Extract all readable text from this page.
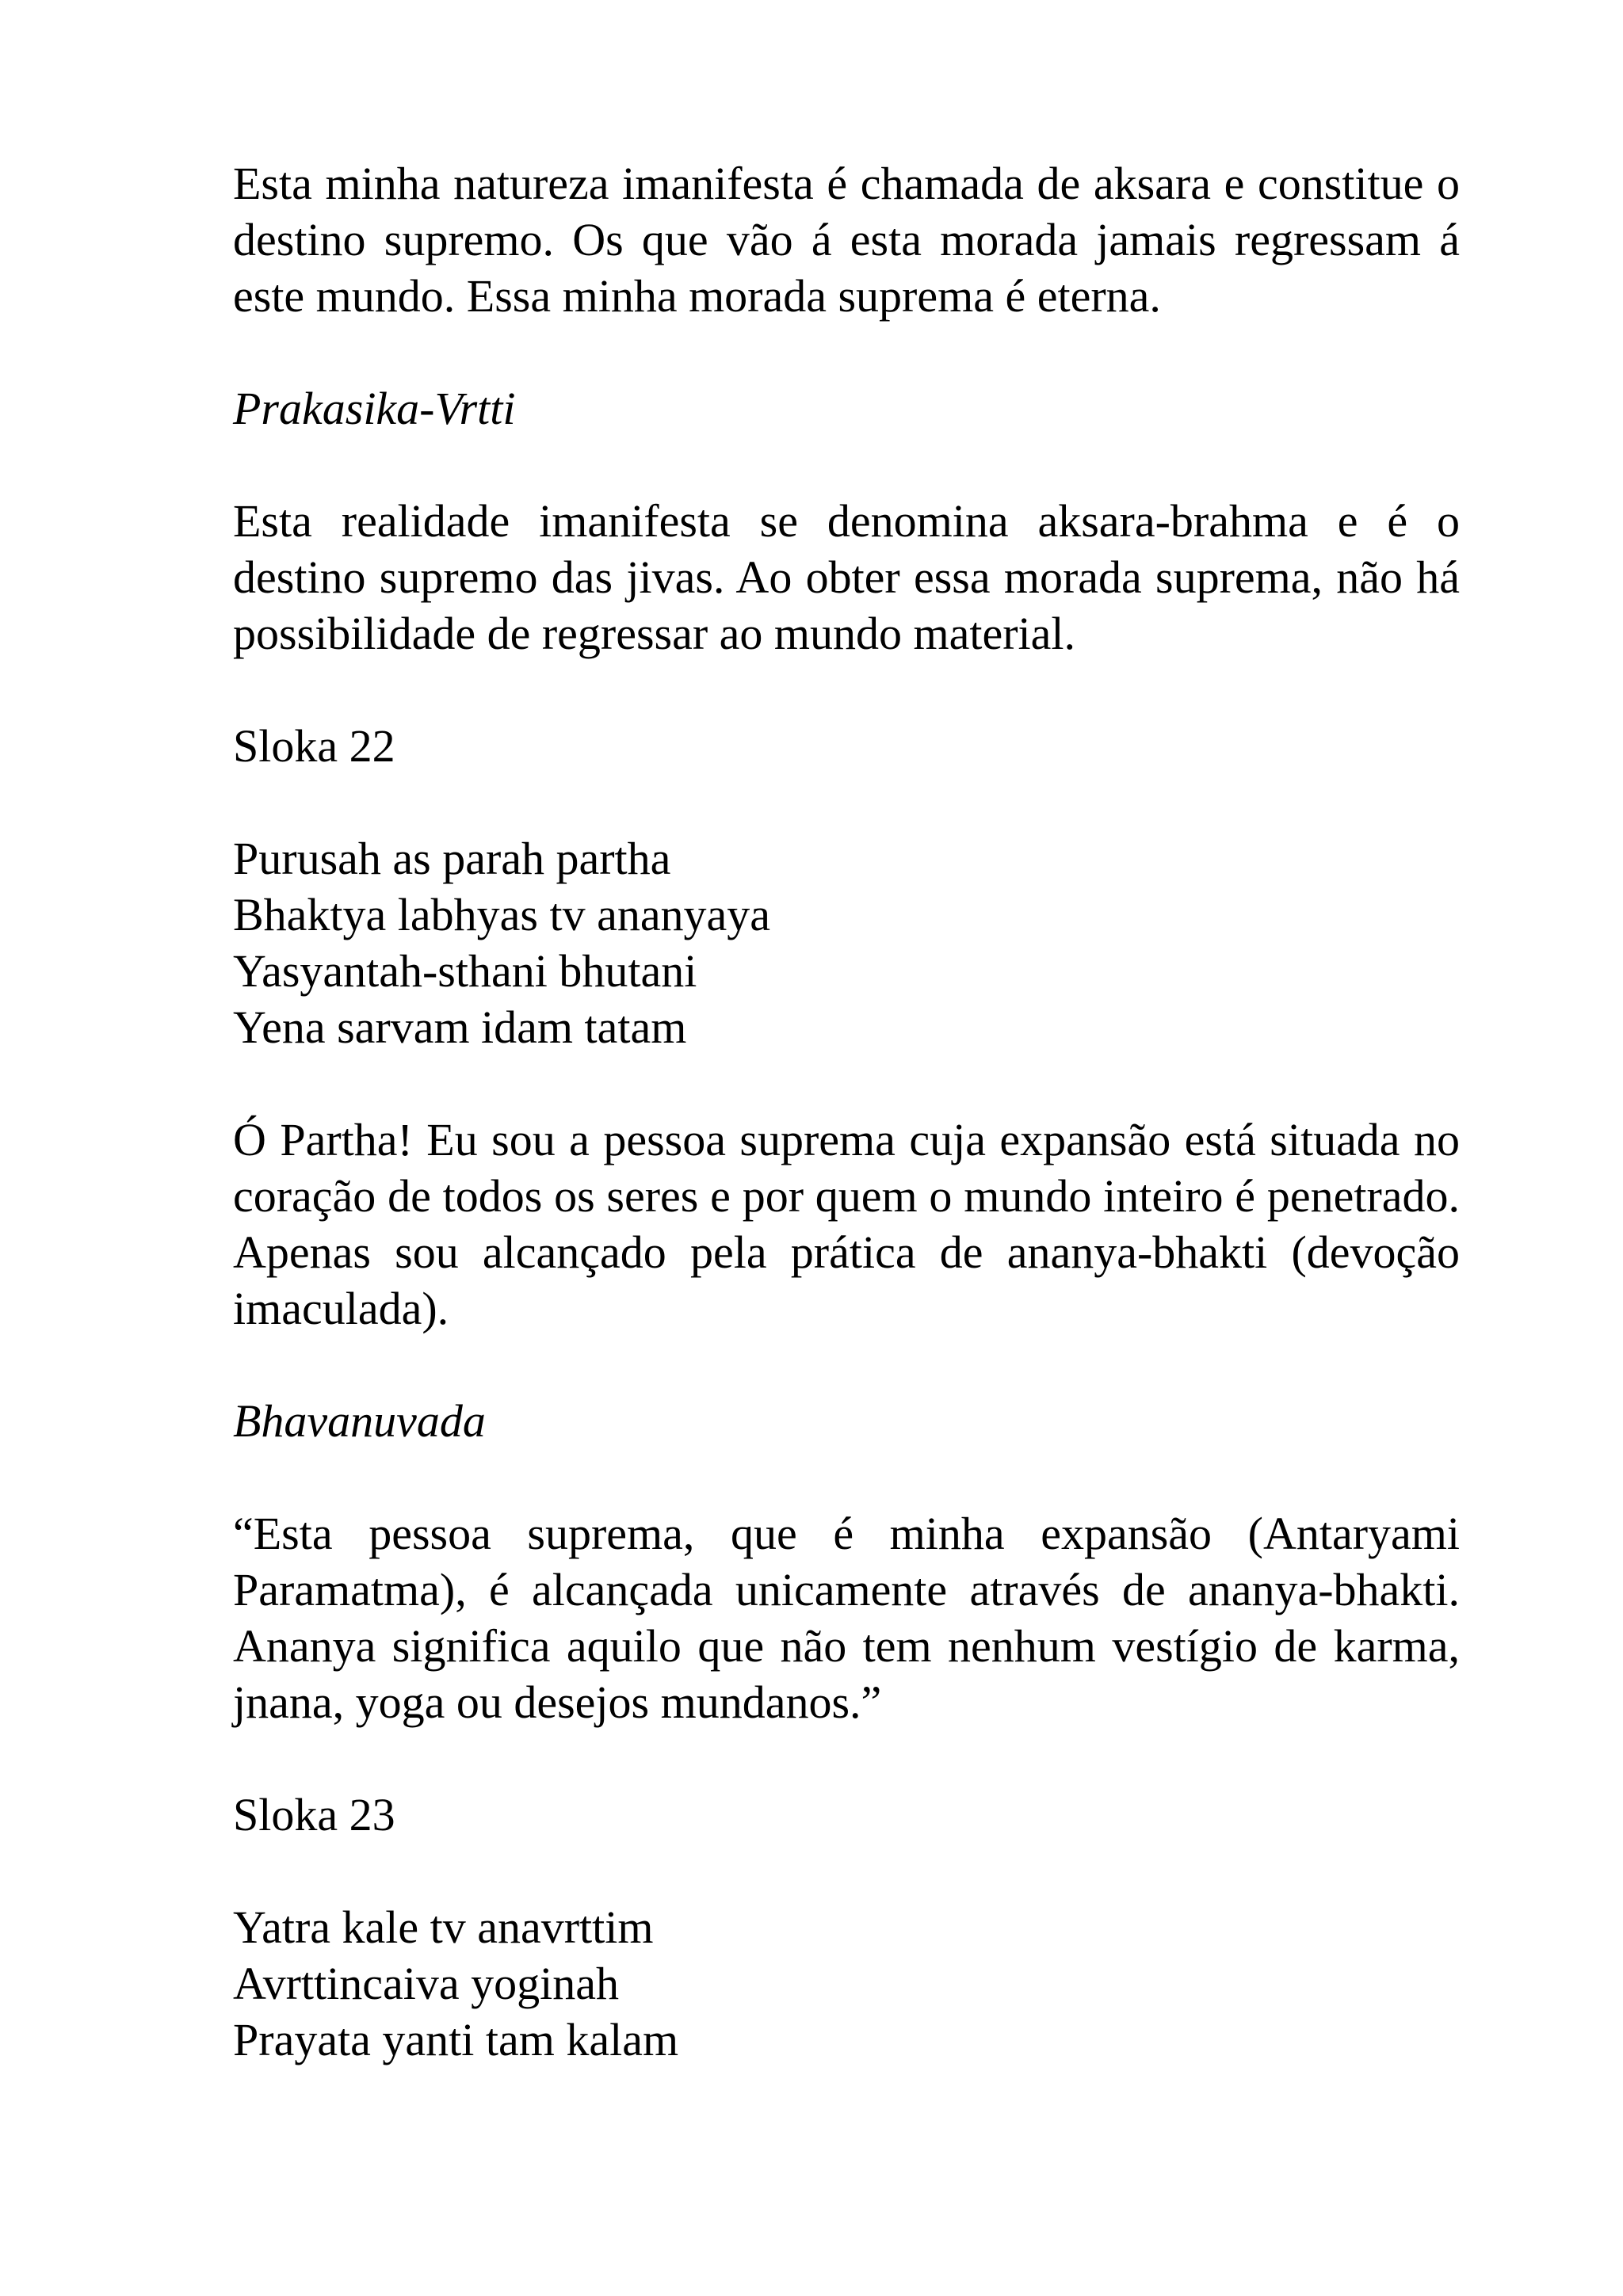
Esta minha natureza imanifesta é chamada de aksara e constitue o destino supremo. Os que vão á esta morada jamais regressam á este mundo. Essa minha morada suprema é eterna.

Prakasika-Vrtti

Esta realidade imanifesta se denomina aksara-brahma e é o destino supremo das jivas. Ao obter essa morada suprema, não há possibilidade de regressar ao mundo material.

Sloka 22

Purusah as parah partha
Bhaktya labhyas tv ananyaya
Yasyantah-sthani bhutani
Yena sarvam idam tatam

Ó Partha! Eu sou a pessoa suprema cuja expansão está situada no coração de todos os seres e por quem o mundo inteiro é penetrado. Apenas sou alcançado pela prática de ananya-bhakti (devoção imaculada).

Bhavanuvada

“Esta pessoa suprema, que é minha expansão (Antaryami Paramatma), é alcançada unicamente através de ananya-bhakti. Ananya significa aquilo que não tem nenhum vestígio de karma, jnana, yoga ou desejos mundanos.”

Sloka 23

Yatra kale tv anavrttim
Avrttincaiva yoginah
Prayata yanti tam kalam
